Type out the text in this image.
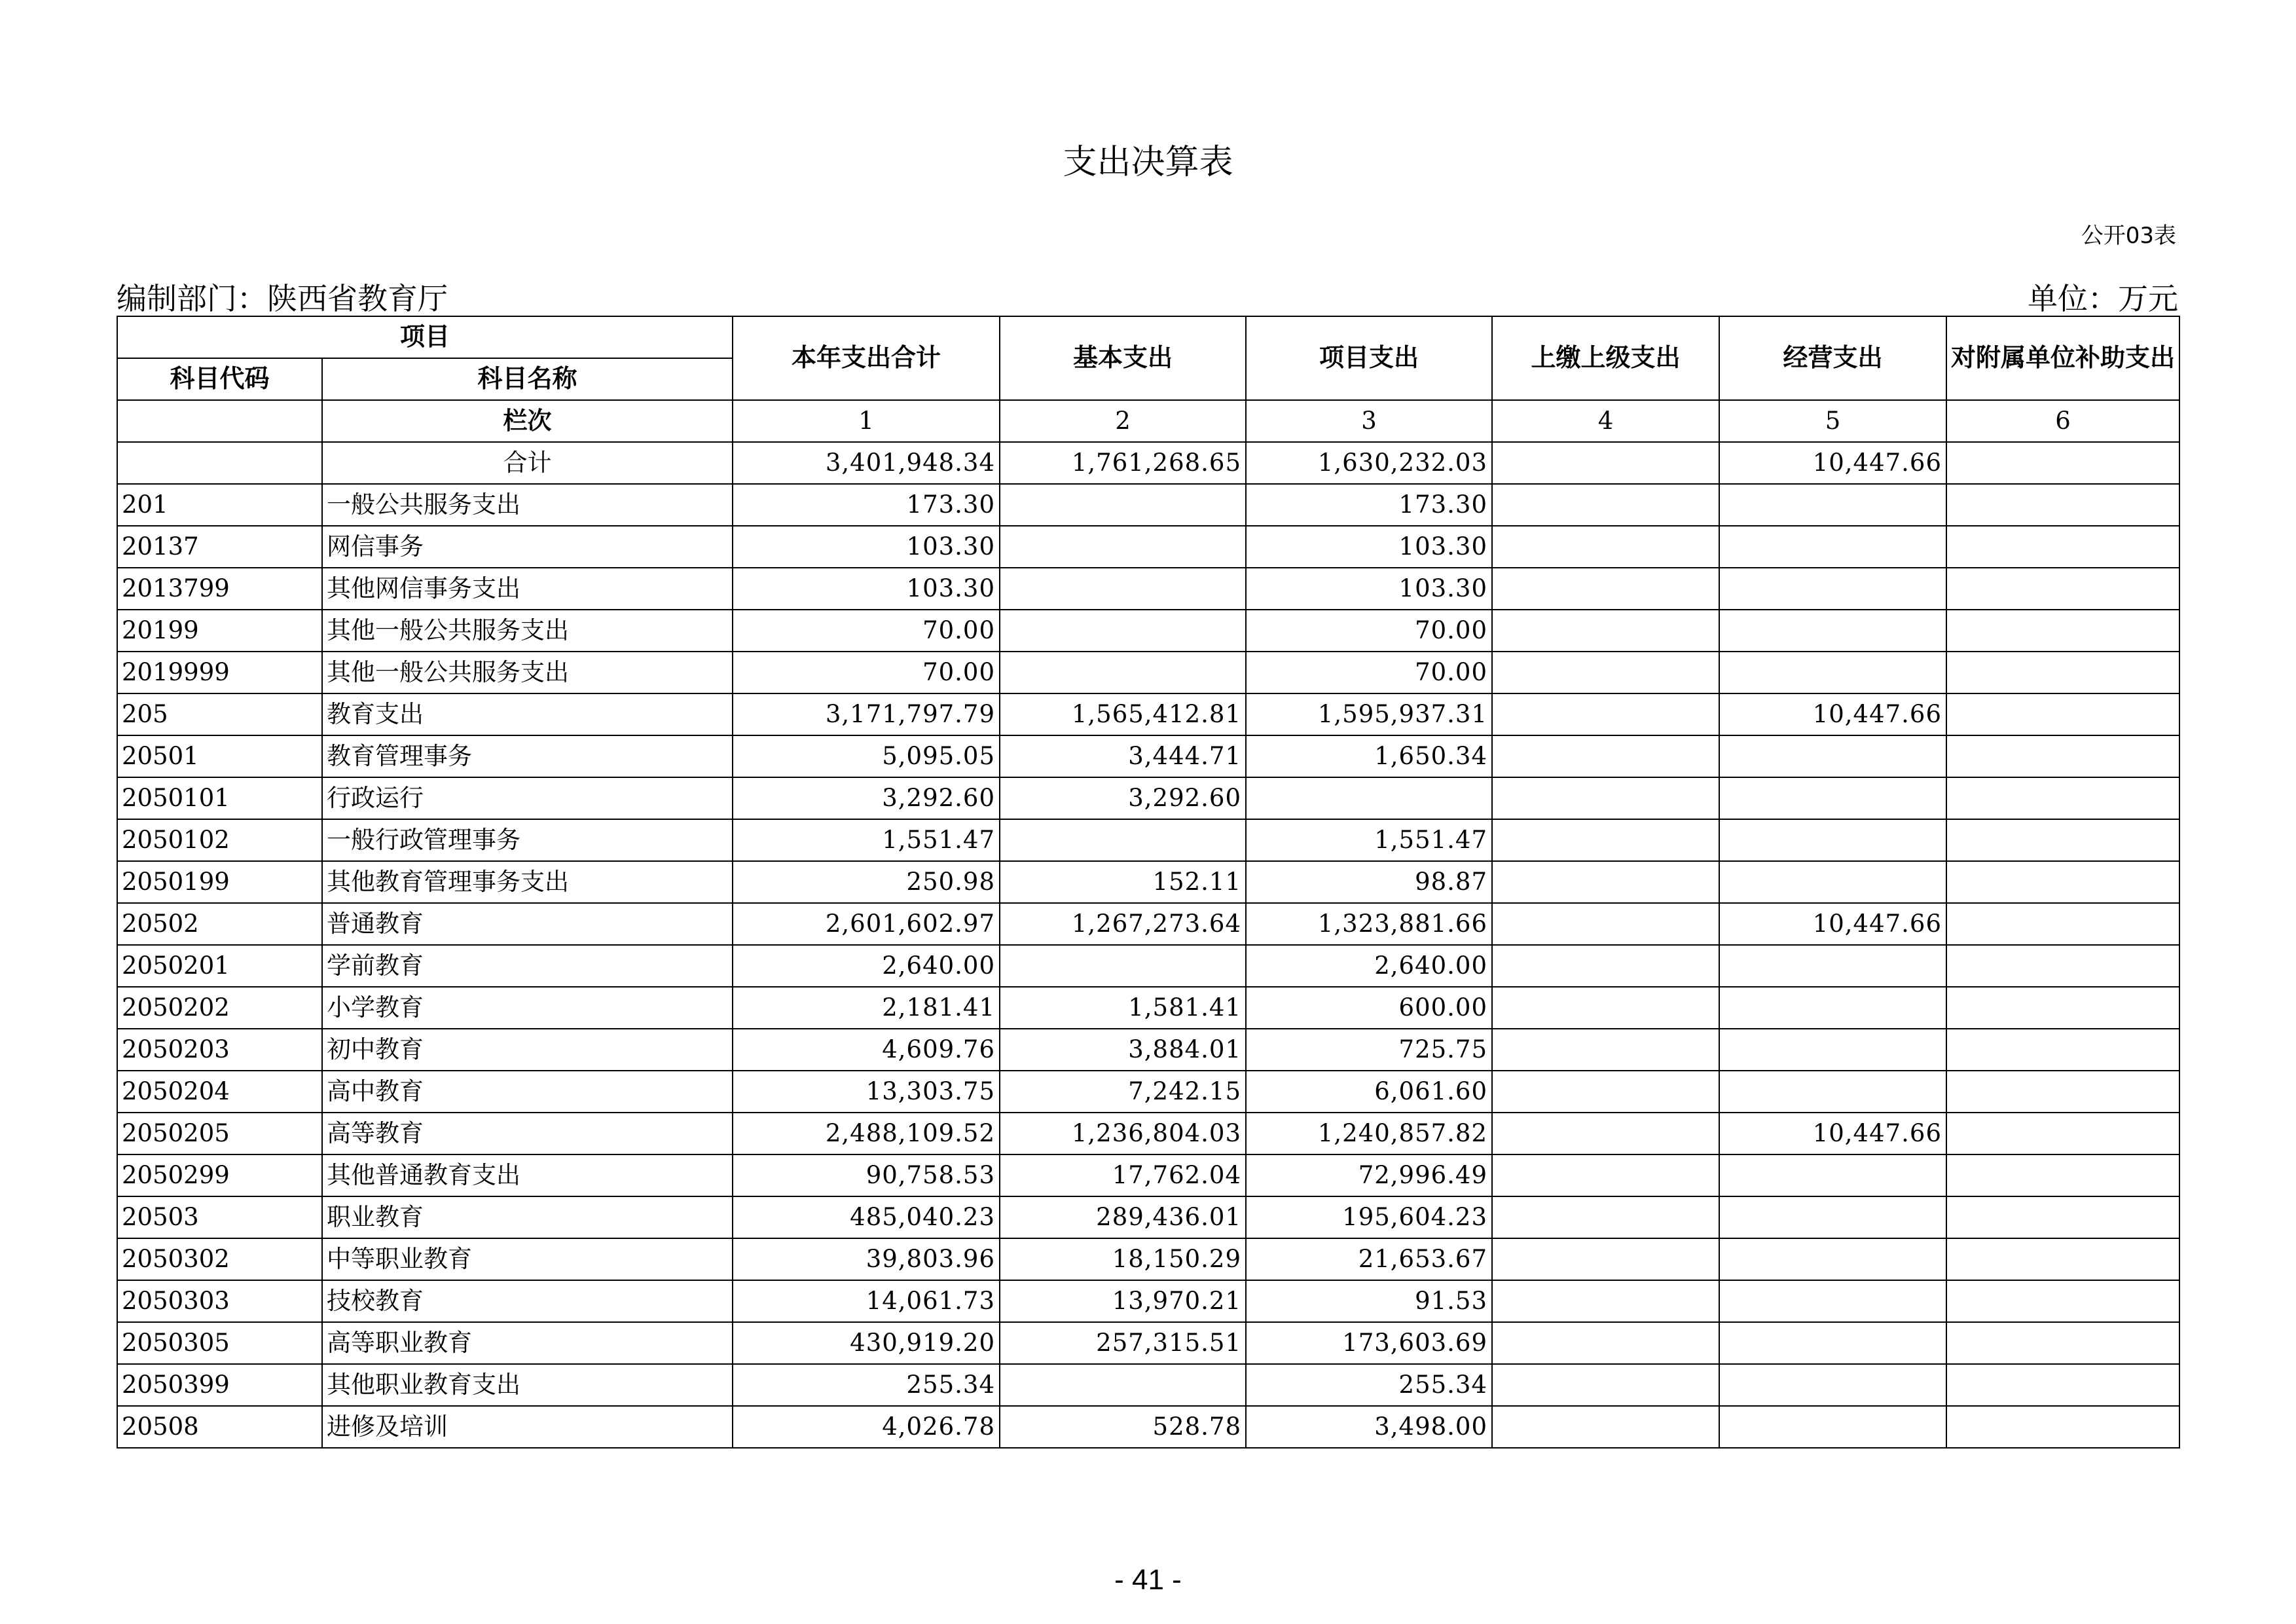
支出决算表
公开03表
编制部门：陕西省教育厅	单位：万元
项目		本年支出合计	基本支出	项目支出	上缴上级支出	经营支出	对附属单位补助支出
科目代码	科目名称						
	栏次	1	2	3	4	5	6
	合计	3,401,948.34	1,761,268.65	1,630,232.03		10,447.66	
201	一般公共服务支出	173.30		173.30			
20137	网信事务	103.30		103.30			
2013799	其他网信事务支出	103.30		103.30			
20199	其他一般公共服务支出	70.00		70.00			
2019999	其他一般公共服务支出	70.00		70.00			
205	教育支出	3,171,797.79	1,565,412.81	1,595,937.31		10,447.66	
20501	教育管理事务	5,095.05	3,444.71	1,650.34			
2050101	行政运行	3,292.60	3,292.60				
2050102	一般行政管理事务	1,551.47		1,551.47			
2050199	其他教育管理事务支出	250.98	152.11	98.87			
20502	普通教育	2,601,602.97	1,267,273.64	1,323,881.66		10,447.66	
2050201	学前教育	2,640.00		2,640.00			
2050202	小学教育	2,181.41	1,581.41	600.00			
2050203	初中教育	4,609.76	3,884.01	725.75			
2050204	高中教育	13,303.75	7,242.15	6,061.60			
2050205	高等教育	2,488,109.52	1,236,804.03	1,240,857.82		10,447.66	
2050299	其他普通教育支出	90,758.53	17,762.04	72,996.49			
20503	职业教育	485,040.23	289,436.01	195,604.23			
2050302	中等职业教育	39,803.96	18,150.29	21,653.67			
2050303	技校教育	14,061.73	13,970.21	91.53			
2050305	高等职业教育	430,919.20	257,315.51	173,603.69			
2050399	其他职业教育支出	255.34		255.34			
20508	进修及培训	4,026.78	528.78	3,498.00			
- 41 -
